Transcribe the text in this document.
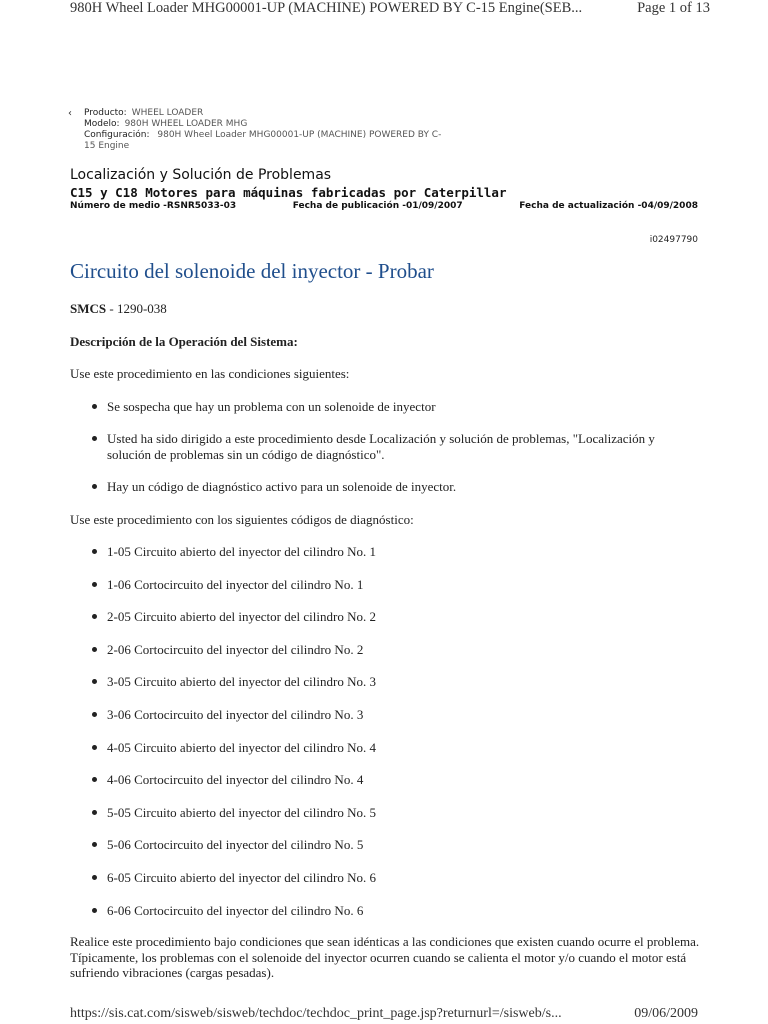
980H Wheel Loader MHG00001-UP (MACHINE) POWERED BY C-15 Engine(SEB...	Page 1 of 13
‹ Producto: WHEEL LOADER
Modelo: 980H WHEEL LOADER MHG
Configuración: 980H Wheel Loader MHG00001-UP (MACHINE) POWERED BY C-15 Engine
Localización y Solución de Problemas
C15 y C18 Motores para máquinas fabricadas por Caterpillar
Número de medio -RSNR5033-03	Fecha de publicación -01/09/2007	Fecha de actualización -04/09/2008
i02497790
Circuito del solenoide del inyector - Probar
SMCS - 1290-038
Descripción de la Operación del Sistema:
Use este procedimiento en las condiciones siguientes:
Se sospecha que hay un problema con un solenoide de inyector
Usted ha sido dirigido a este procedimiento desde Localización y solución de problemas, "Localización y solución de problemas sin un código de diagnóstico".
Hay un código de diagnóstico activo para un solenoide de inyector.
Use este procedimiento con los siguientes códigos de diagnóstico:
1-05 Circuito abierto del inyector del cilindro No. 1
1-06 Cortocircuito del inyector del cilindro No. 1
2-05 Circuito abierto del inyector del cilindro No. 2
2-06 Cortocircuito del inyector del cilindro No. 2
3-05 Circuito abierto del inyector del cilindro No. 3
3-06 Cortocircuito del inyector del cilindro No. 3
4-05 Circuito abierto del inyector del cilindro No. 4
4-06 Cortocircuito del inyector del cilindro No. 4
5-05 Circuito abierto del inyector del cilindro No. 5
5-06 Cortocircuito del inyector del cilindro No. 5
6-05 Circuito abierto del inyector del cilindro No. 6
6-06 Cortocircuito del inyector del cilindro No. 6
Realice este procedimiento bajo condiciones que sean idénticas a las condiciones que existen cuando ocurre el problema. Típicamente, los problemas con el solenoide del inyector ocurren cuando se calienta el motor y/o cuando el motor está sufriendo vibraciones (cargas pesadas).
https://sis.cat.com/sisweb/sisweb/techdoc/techdoc_print_page.jsp?returnurl=/sisweb/s...	09/06/2009
